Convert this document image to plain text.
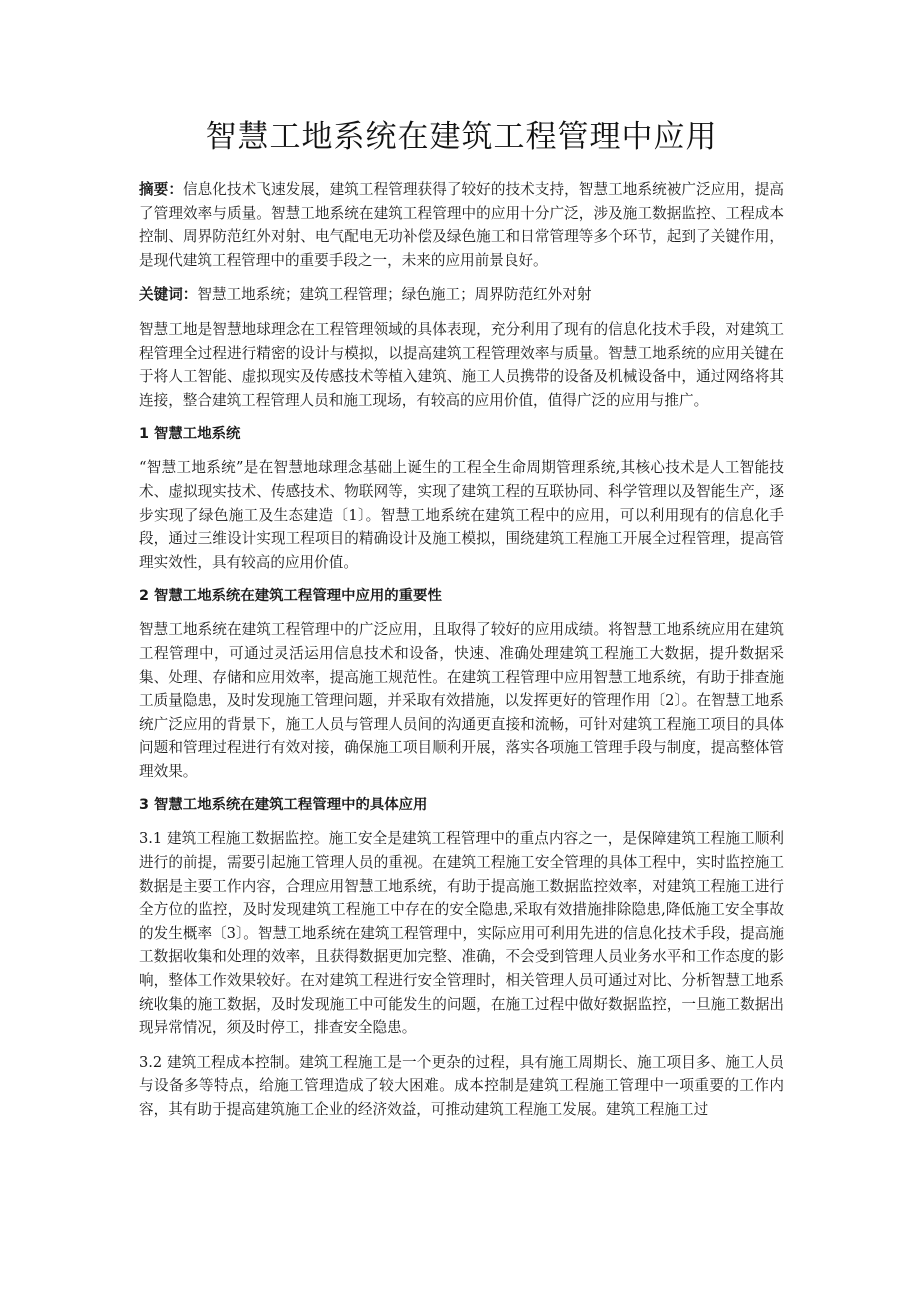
智慧工地系统在建筑工程管理中应用

摘要：信息化技术飞速发展，建筑工程管理获得了较好的技术支持，智慧工地系统被广泛应用，提高了管理效率与质量。智慧工地系统在建筑工程管理中的应用十分广泛，涉及施工数据监控、工程成本控制、周界防范红外对射、电气配电无功补偿及绿色施工和日常管理等多个环节，起到了关键作用，是现代建筑工程管理中的重要手段之一，未来的应用前景良好。

关键词：智慧工地系统；建筑工程管理；绿色施工；周界防范红外对射

智慧工地是智慧地球理念在工程管理领域的具体表现，充分利用了现有的信息化技术手段，对建筑工程管理全过程进行精密的设计与模拟，以提高建筑工程管理效率与质量。智慧工地系统的应用关键在于将人工智能、虚拟现实及传感技术等植入建筑、施工人员携带的设备及机械设备中，通过网络将其连接，整合建筑工程管理人员和施工现场，有较高的应用价值，值得广泛的应用与推广。

1 智慧工地系统

“智慧工地系统”是在智慧地球理念基础上诞生的工程全生命周期管理系统,其核心技术是人工智能技术、虚拟现实技术、传感技术、物联网等，实现了建筑工程的互联协同、科学管理以及智能生产，逐步实现了绿色施工及生态建造〔1〕。智慧工地系统在建筑工程中的应用，可以利用现有的信息化手段，通过三维设计实现工程项目的精确设计及施工模拟，围绕建筑工程施工开展全过程管理，提高管理实效性，具有较高的应用价值。

2 智慧工地系统在建筑工程管理中应用的重要性

智慧工地系统在建筑工程管理中的广泛应用，且取得了较好的应用成绩。将智慧工地系统应用在建筑工程管理中，可通过灵活运用信息技术和设备，快速、准确处理建筑工程施工大数据，提升数据采集、处理、存储和应用效率，提高施工规范性。在建筑工程管理中应用智慧工地系统，有助于排查施工质量隐患，及时发现施工管理问题，并采取有效措施，以发挥更好的管理作用〔2〕。在智慧工地系统广泛应用的背景下，施工人员与管理人员间的沟通更直接和流畅，可针对建筑工程施工项目的具体问题和管理过程进行有效对接，确保施工项目顺利开展，落实各项施工管理手段与制度，提高整体管理效果。

3 智慧工地系统在建筑工程管理中的具体应用

3.1 建筑工程施工数据监控。施工安全是建筑工程管理中的重点内容之一，是保障建筑工程施工顺利进行的前提，需要引起施工管理人员的重视。在建筑工程施工安全管理的具体工程中，实时监控施工数据是主要工作内容，合理应用智慧工地系统，有助于提高施工数据监控效率，对建筑工程施工进行全方位的监控，及时发现建筑工程施工中存在的安全隐患,采取有效措施排除隐患,降低施工安全事故的发生概率〔3〕。智慧工地系统在建筑工程管理中，实际应用可利用先进的信息化技术手段，提高施工数据收集和处理的效率，且获得数据更加完整、准确，不会受到管理人员业务水平和工作态度的影响，整体工作效果较好。在对建筑工程进行安全管理时，相关管理人员可通过对比、分析智慧工地系统收集的施工数据，及时发现施工中可能发生的问题，在施工过程中做好数据监控，一旦施工数据出现异常情况，须及时停工，排查安全隐患。

3.2 建筑工程成本控制。建筑工程施工是一个更杂的过程，具有施工周期长、施工项目多、施工人员与设备多等特点，给施工管理造成了较大困难。成本控制是建筑工程施工管理中一项重要的工作内容，其有助于提高建筑施工企业的经济效益，可推动建筑工程施工发展。建筑工程施工过
